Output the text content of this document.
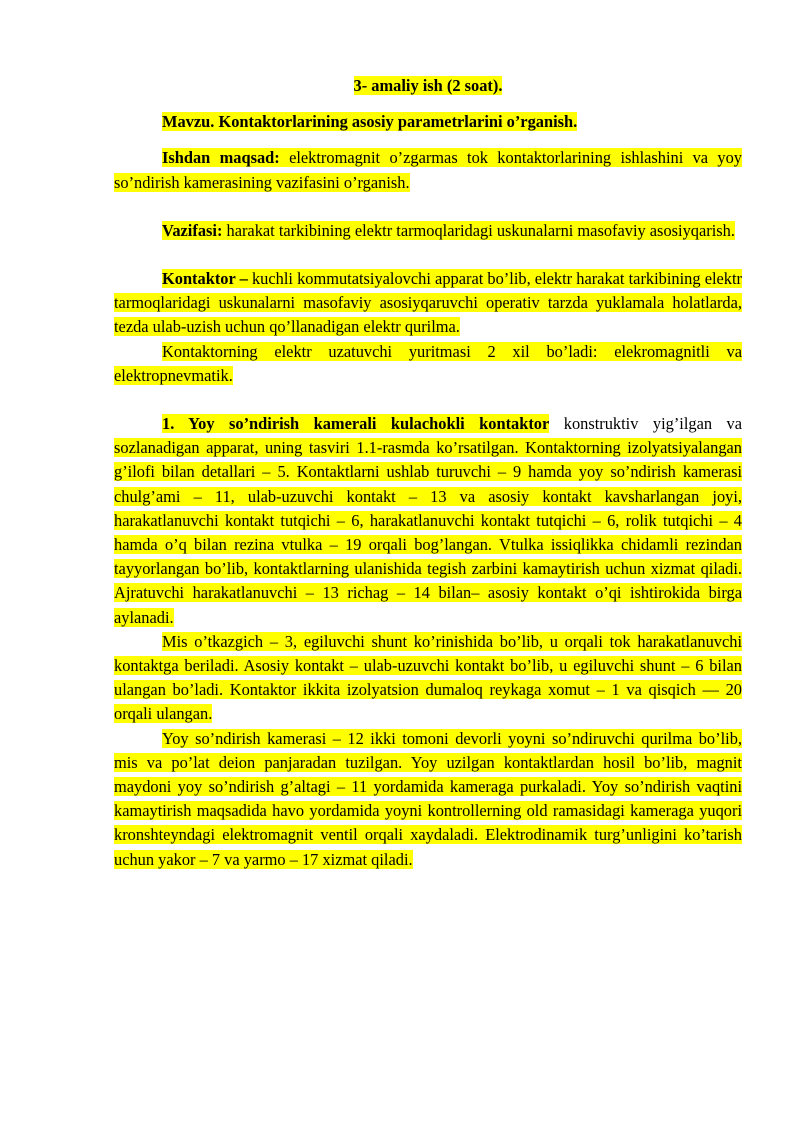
3- amaliy ish (2 soat).

Mavzu. Kontaktorlarining asosiy parametrlarini o’rganish.

Ishdan maqsad: elektromagnit o’zgarmas tok kontaktorlarining ishlashini va yoy so’ndirish kamerasining vazifasini o’rganish.

Vazifasi: harakat tarkibining elektr tarmoqlaridagi uskunalarni masofaviy asosiyqarish.

Kontaktor – kuchli kommutatsiyalovchi apparat bo’lib, elektr harakat tarkibining elektr tarmoqlaridagi uskunalarni masofaviy asosiyqaruvchi operativ tarzda yuklamala holatlarda, tezda ulab-uzish uchun qo’llanadigan elektr qurilma.

Kontaktorning elektr uzatuvchi yuritmasi 2 xil bo’ladi: elekromagnitli va elektropnevmatik.

1. Yoy so’ndirish kamerali kulachokli kontaktor konstruktiv yig’ilgan va sozlanadigan apparat, uning tasviri 1.1-rasmda ko’rsatilgan. Kontaktorning izolyatsiyalangan g’ilofi bilan detallari – 5. Kontaktlarni ushlab turuvchi – 9 hamda yoy so’ndirish kamerasi chulg’ami – 11, ulab-uzuvchi kontakt – 13 va asosiy kontakt kavsharlangan joyi, harakatlanuvchi kontakt tutqichi – 6, harakatlanuvchi kontakt tutqichi – 6, rolik tutqichi – 4 hamda o’q bilan rezina vtulka – 19 orqali bog’langan. Vtulka issiqlikka chidamli rezindan tayyorlangan bo’lib, kontaktlarning ulanishida tegish zarbini kamaytirish uchun xizmat qiladi. Ajratuvchi harakatlanuvchi – 13 richag – 14 bilan– asosiy kontakt o’qi ishtirokida birga aylanadi.

Mis o’tkazgich – 3, egiluvchi shunt ko’rinishida bo’lib, u orqali tok harakatlanuvchi kontaktga beriladi. Asosiy kontakt – ulab-uzuvchi kontakt bo’lib, u egiluvchi shunt – 6 bilan ulangan bo’ladi. Kontaktor ikkita izolyatsion dumaloq reykaga xomut – 1 va qisqich — 20 orqali ulangan.

Yoy so’ndirish kamerasi – 12 ikki tomoni devorli yoyni so’ndiruvchi qurilma bo’lib, mis va po’lat deion panjaradan tuzilgan. Yoy uzilgan kontaktlardan hosil bo’lib, magnit maydoni yoy so’ndirish g’altagi – 11 yordamida kameraga purkaladi. Yoy so’ndirish vaqtini kamaytirish maqsadida havo yordamida yoyni kontrollerning old ramasidagi kameraga yuqori kronshteyndagi elektromagnit ventil orqali xaydaladi. Elektrodinamik turg’unligini ko’tarish uchun yakor – 7 va yarmo – 17 xizmat qiladi.
